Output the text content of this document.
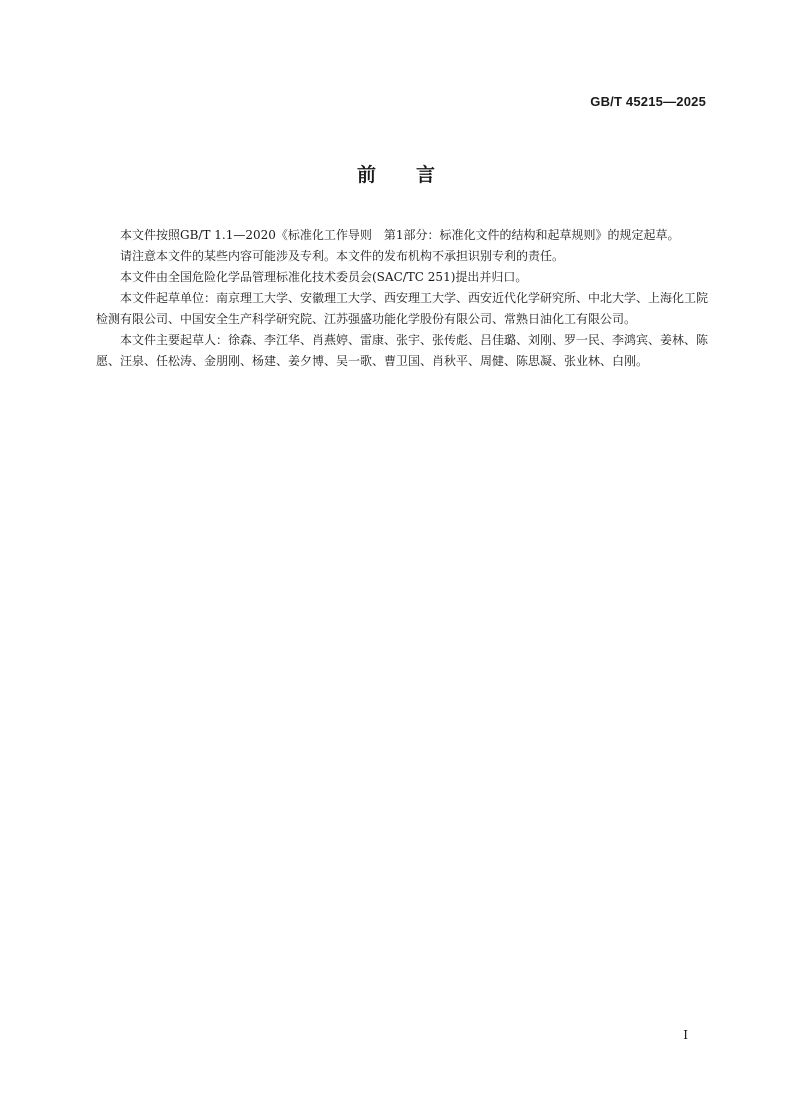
GB/T 45215—2025
前 言

本文件按照GB/T 1.1—2020《标准化工作导则　第1部分：标准化文件的结构和起草规则》的规定起草。

请注意本文件的某些内容可能涉及专利。本文件的发布机构不承担识别专利的责任。

本文件由全国危险化学品管理标准化技术委员会(SAC/TC 251)提出并归口。

本文件起草单位：南京理工大学、安徽理工大学、西安理工大学、西安近代化学研究所、中北大学、上海化工院检测有限公司、中国安全生产科学研究院、江苏强盛功能化学股份有限公司、常熟日油化工有限公司。

本文件主要起草人：徐森、李江华、肖燕婷、雷康、张宇、张传彪、吕佳璐、刘刚、罗一民、李鸿宾、姜林、陈愿、汪泉、任松涛、金朋刚、杨建、姜夕博、吴一歌、曹卫国、肖秋平、周健、陈思凝、张业林、白刚。

I
